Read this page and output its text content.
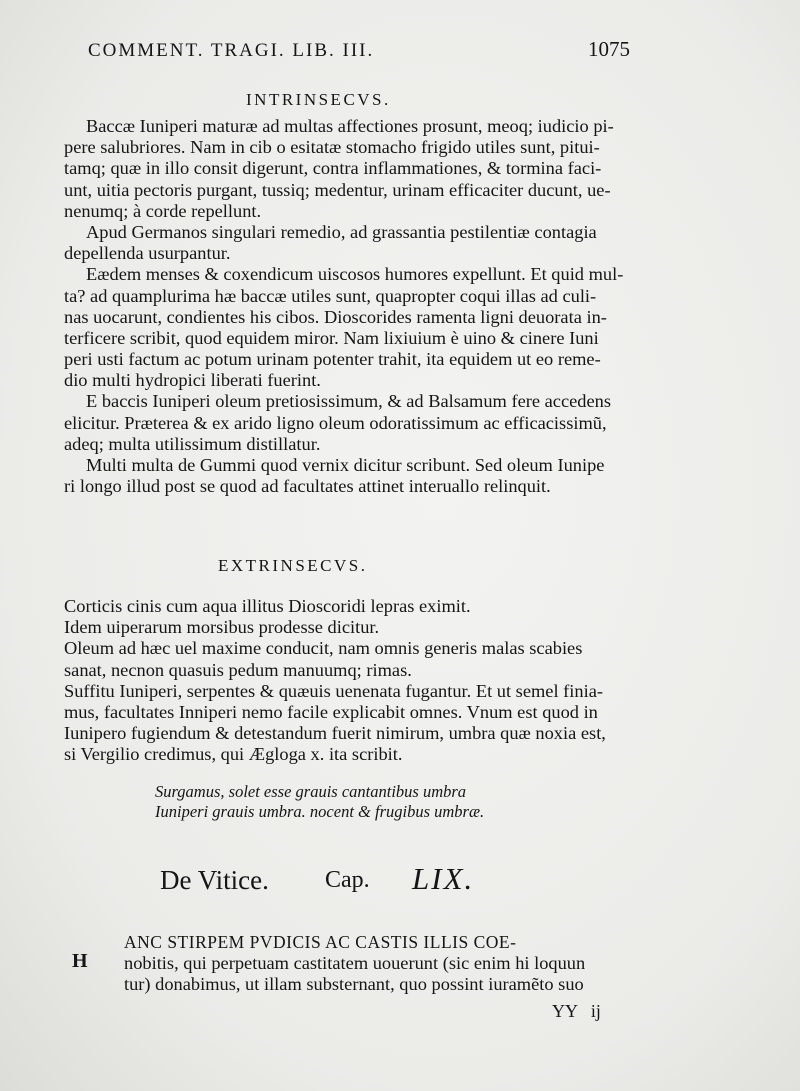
COMMENT. TRAGI. LIB. III.	1075
INTRINSECVS.
Baccæ Iuniperi maturæ ad multas affectiones prosunt, meoq; iudicio pi-
pere salubriores. Nam in cib o esitatæ stomacho frigido utiles sunt, pitui-
tamq; quæ in illo consit digerunt, contra inflammationes, & tormina faci-
unt, uitia pectoris purgant, tussiq; medentur, urinam efficaciter ducunt, ue-
nenumq; à corde repellunt.
Apud Germanos singulari remedio, ad grassantia pestilentiæ contagia
depellenda usurpantur.
Eædem menses & coxendicum uiscosos humores expellunt. Et quid mul-
ta? ad quamplurima hæ baccæ utiles sunt, quapropter coqui illas ad culi-
nas uocarunt, condientes his cibos. Dioscorides ramenta ligni deuorata in-
terficere scribit, quod equidem miror. Nam lixiuium è uino & cinere Iuni
peri usti factum ac potum urinam potenter trahit, ita equidem ut eo reme-
dio multi hydropici liberati fuerint.
E baccis Iuniperi oleum pretiosissimum, & ad Balsamum fere accedens
elicitur. Præterea & ex arido ligno oleum odoratissimum ac efficacissimũ,
adeq; multa utilissimum distillatur.
Multi multa de Gummi quod vernix dicitur scribunt. Sed oleum Iunipe
ri longo illud post se quod ad facultates attinet interuallo relinquit.
EXTRINSECVS.
Corticis cinis cum aqua illitus Dioscoridi lepras eximit.
Idem uiperarum morsibus prodesse dicitur.
Oleum ad hæc uel maxime conducit, nam omnis generis malas scabies
sanat, necnon quasuis pedum manuumq; rimas.
Suffitu Iuniperi, serpentes & quæuis uenenata fugantur. Et ut semel finia-
mus, facultates Inniperi nemo facile explicabit omnes. Vnum est quod in
Iunipero fugiendum & detestandum fuerit nimirum, umbra quæ noxia est,
si Vergilio credimus, qui Æglogа x. ita scribit.
Surgamus, solet esse grauis cantantibus umbra
Iuniperi grauis umbra. nocent & frugibus umbræ.
De Vitice. Cap. LIX.
H
ANC STIRPEM PVDICIS AC CASTIS ILLIS COE-
nobitis, qui perpetuam castitatem uouerunt (sic enim hi loquun
tur) donabimus, ut illam substernant, quo possint iuramẽto suo
YY   ij
